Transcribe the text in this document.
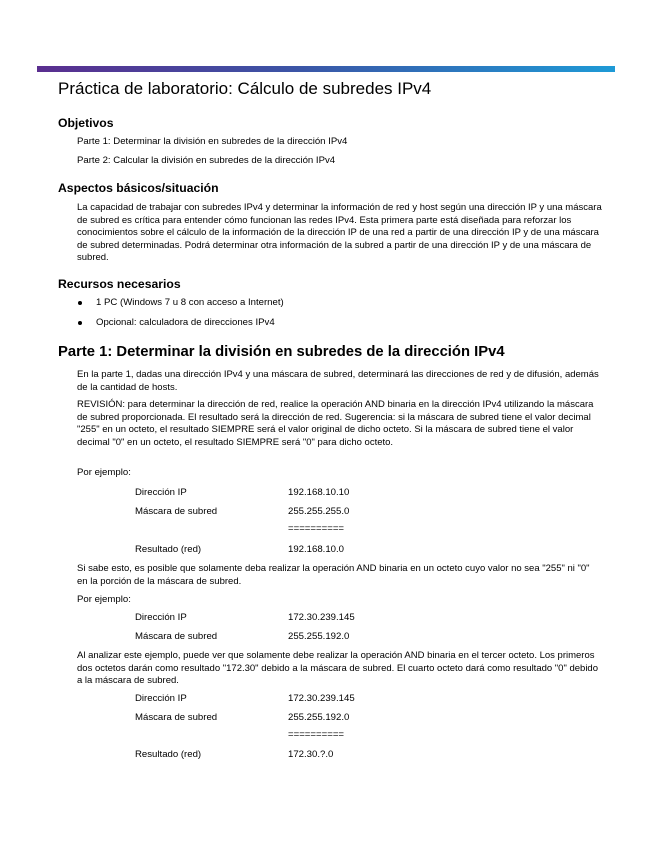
Práctica de laboratorio: Cálculo de subredes IPv4
Objetivos
Parte 1: Determinar la división en subredes de la dirección IPv4
Parte 2: Calcular la división en subredes de la dirección IPv4
Aspectos básicos/situación
La capacidad de trabajar con subredes IPv4 y determinar la información de red y host según una dirección IP y una máscara de subred es crítica para entender cómo funcionan las redes IPv4. Esta primera parte está diseñada para reforzar los conocimientos sobre el cálculo de la información de la dirección IP de una red a partir de una dirección IP y de una máscara de subred determinadas. Podrá determinar otra información de la subred a partir de una dirección IP y de una máscara de subred.
Recursos necesarios
1 PC (Windows 7 u 8 con acceso a Internet)
Opcional: calculadora de direcciones IPv4
Parte 1: Determinar la división en subredes de la dirección IPv4
En la parte 1, dadas una dirección IPv4 y una máscara de subred, determinará las direcciones de red y de difusión, además de la cantidad de hosts.
REVISIÓN: para determinar la dirección de red, realice la operación AND binaria en la dirección IPv4 utilizando la máscara de subred proporcionada. El resultado será la dirección de red. Sugerencia: si la máscara de subred tiene el valor decimal "255" en un octeto, el resultado SIEMPRE será el valor original de dicho octeto. Si la máscara de subred tiene el valor decimal "0" en un octeto, el resultado SIEMPRE será "0" para dicho octeto.
Por ejemplo:
Dirección IP	192.168.10.10
Máscara de subred	255.255.255.0
==========
Resultado (red)	192.168.10.0
Si sabe esto, es posible que solamente deba realizar la operación AND binaria en un octeto cuyo valor no sea "255" ni "0" en la porción de la máscara de subred.
Por ejemplo:
Dirección IP	172.30.239.145
Máscara de subred	255.255.192.0
Al analizar este ejemplo, puede ver que solamente debe realizar la operación AND binaria en el tercer octeto. Los primeros dos octetos darán como resultado "172.30" debido a la máscara de subred. El cuarto octeto dará como resultado "0" debido a la máscara de subred.
Dirección IP	172.30.239.145
Máscara de subred	255.255.192.0
==========
Resultado (red)	172.30.?.0
